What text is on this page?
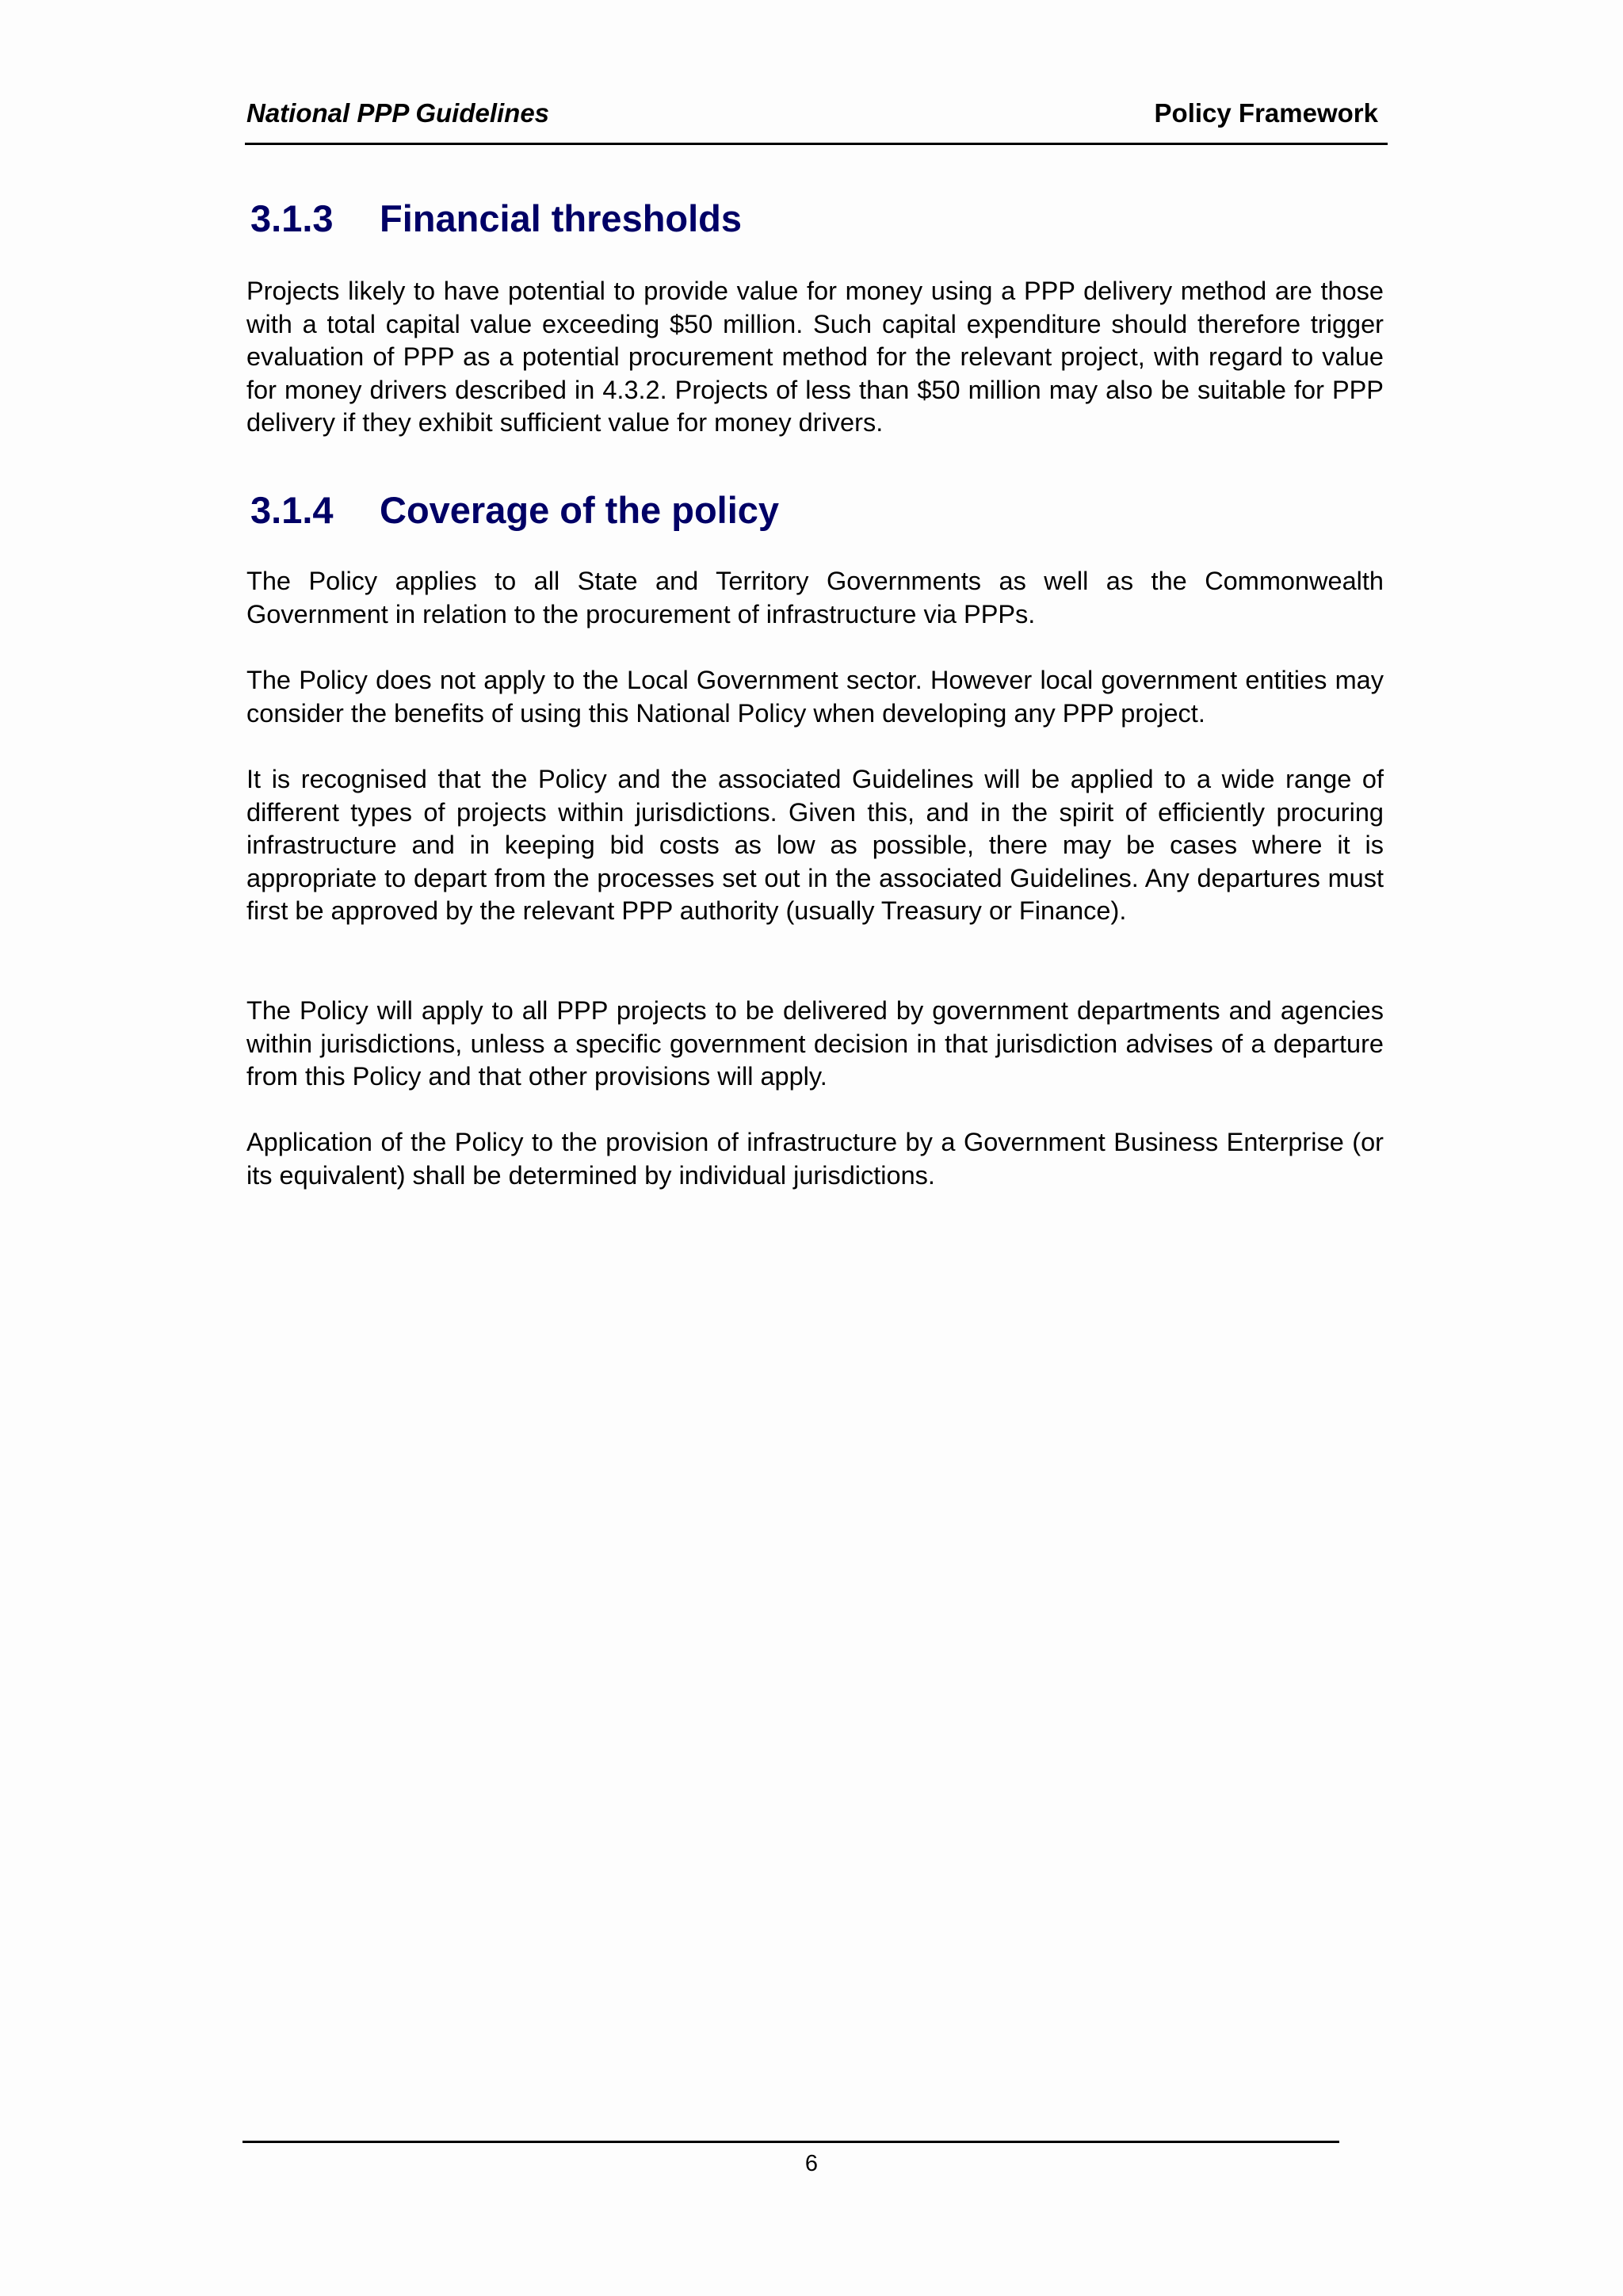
National PPP Guidelines	Policy Framework
3.1.3 Financial thresholds

Projects likely to have potential to provide value for money using a PPP delivery method are those with a total capital value exceeding $50 million. Such capital expenditure should therefore trigger evaluation of PPP as a potential procurement method for the relevant project, with regard to value for money drivers described in 4.3.2. Projects of less than $50 million may also be suitable for PPP delivery if they exhibit sufficient value for money drivers.

3.1.4 Coverage of the policy

The Policy applies to all State and Territory Governments as well as the Commonwealth Government in relation to the procurement of infrastructure via PPPs.

The Policy does not apply to the Local Government sector. However local government entities may consider the benefits of using this National Policy when developing any PPP project.

It is recognised that the Policy and the associated Guidelines will be applied to a wide range of different types of projects within jurisdictions. Given this, and in the spirit of efficiently procuring infrastructure and in keeping bid costs as low as possible, there may be cases where it is appropriate to depart from the processes set out in the associated Guidelines. Any departures must first be approved by the relevant PPP authority (usually Treasury or Finance).

The Policy will apply to all PPP projects to be delivered by government departments and agencies within jurisdictions, unless a specific government decision in that jurisdiction advises of a departure from this Policy and that other provisions will apply.

Application of the Policy to the provision of infrastructure by a Government Business Enterprise (or its equivalent) shall be determined by individual jurisdictions.

6
